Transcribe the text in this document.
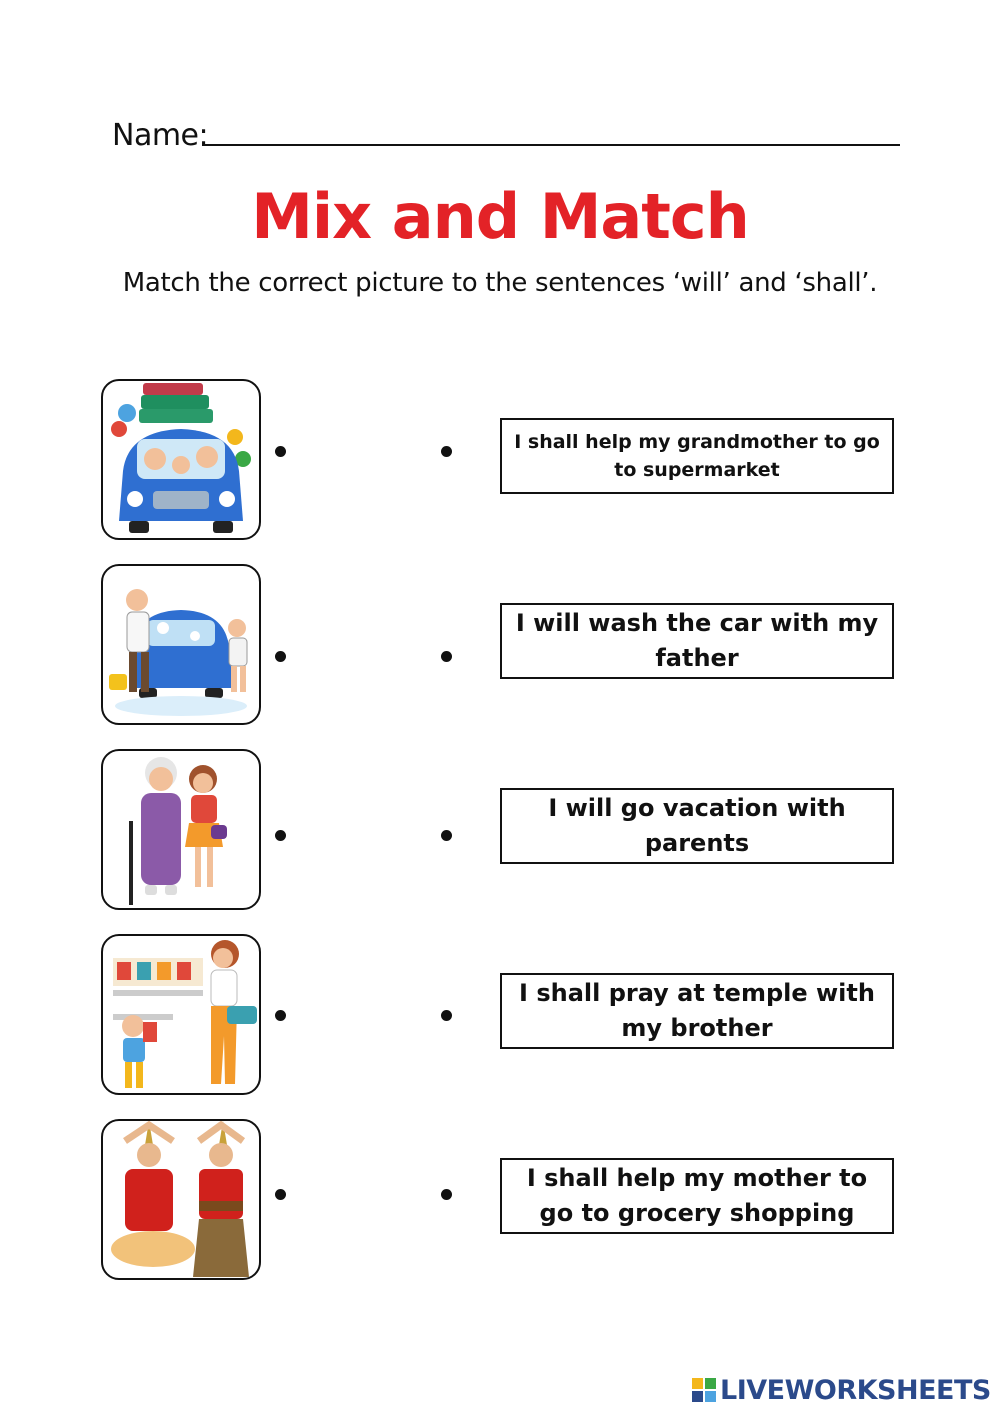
Name:
Mix and Match
Match the correct picture to the sentences ‘will’ and ‘shall’.
I shall help my grandmother to go to supermarket
I will wash the car with my father
I will go vacation with parents
I shall pray at temple with my brother
I shall help my mother to go to grocery shopping
LIVEWORKSHEETS
